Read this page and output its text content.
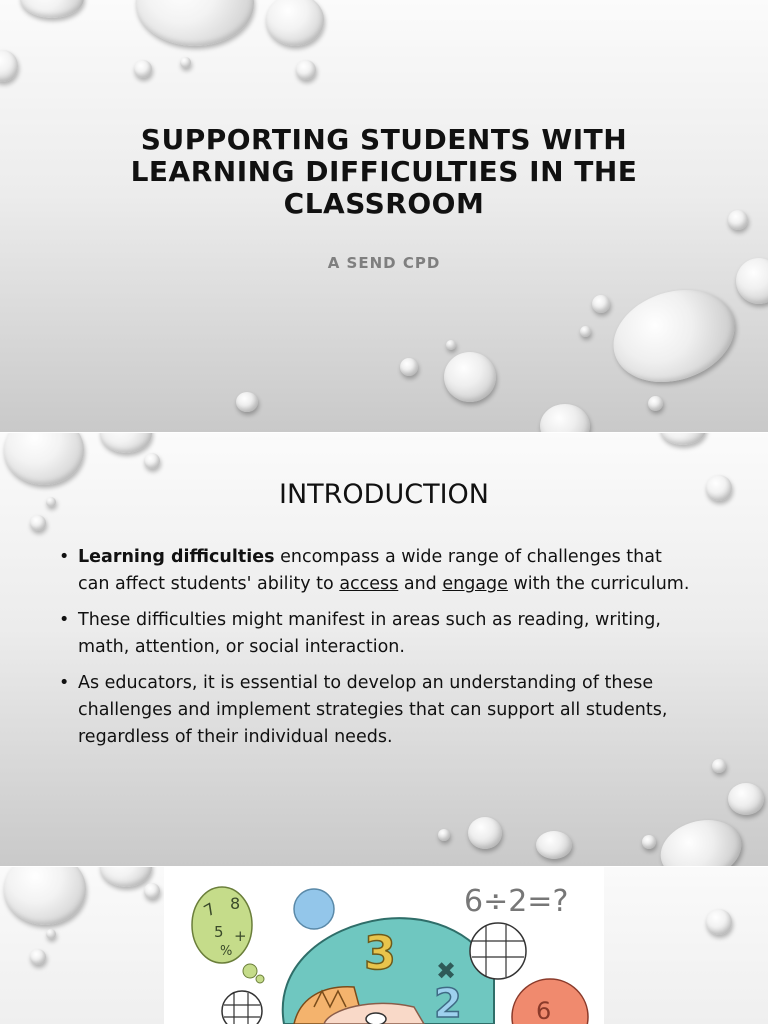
SUPPORTING STUDENTS WITH LEARNING DIFFICULTIES IN THE CLASSROOM
A SEND CPD
INTRODUCTION
• Learning difficulties encompass a wide range of challenges that can affect students' ability to access and engage with the curriculum.
• These difficulties might manifest in areas such as reading, writing, math, attention, or social interaction.
• As educators, it is essential to develop an understanding of these challenges and implement strategies that can support all students, regardless of their individual needs.
7 8
5 +
%	3 ✖
2	6
6÷2=?
